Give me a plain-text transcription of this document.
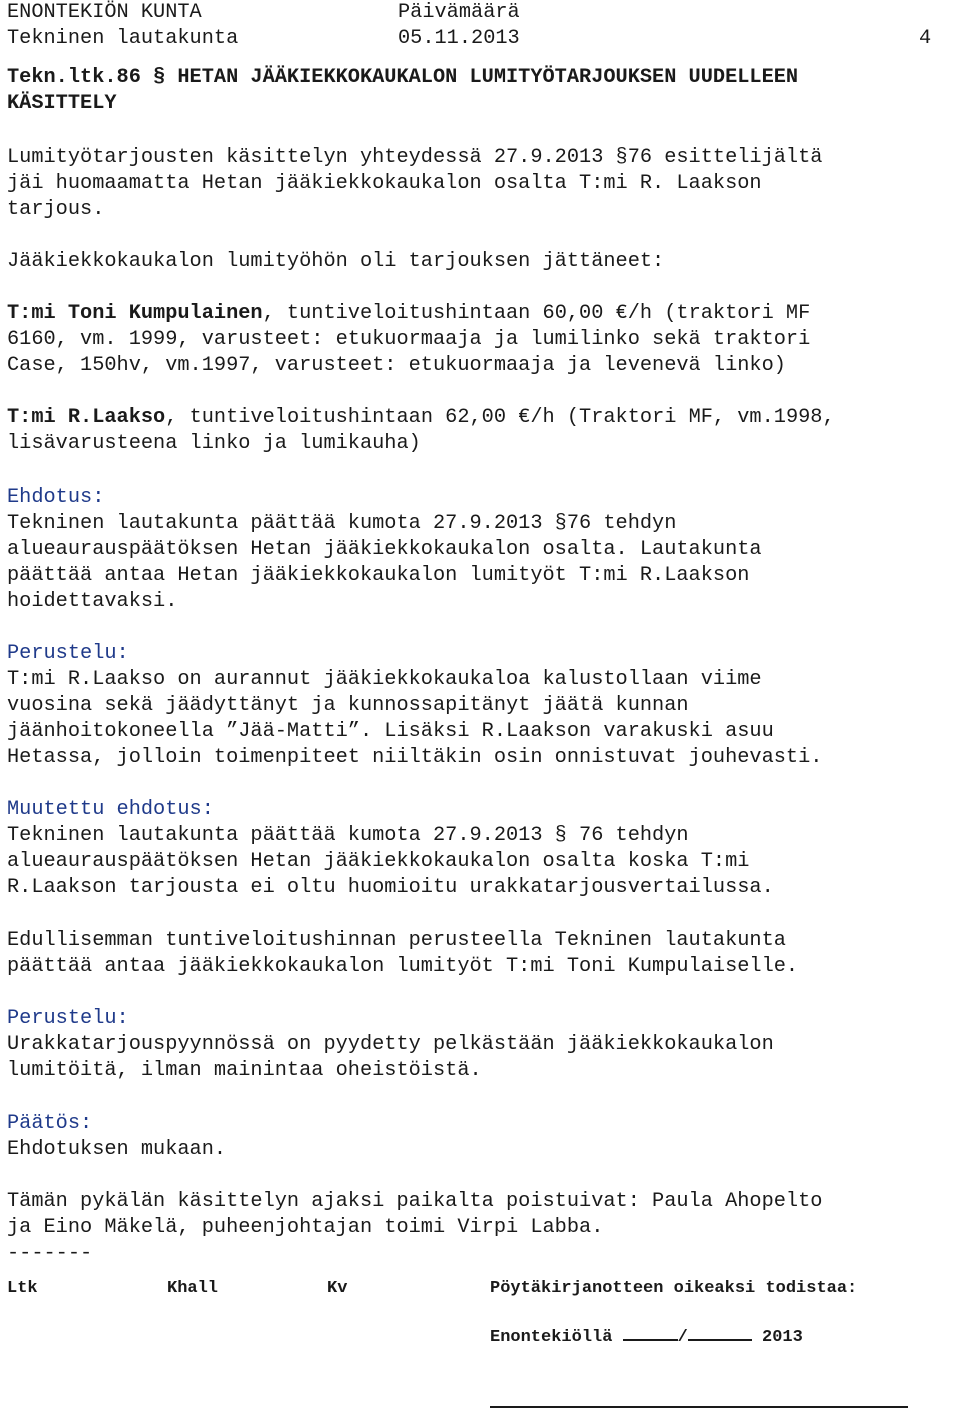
ENONTEKIÖN KUNTA	Päivämäärä
Tekninen lautakunta	05.11.2013	4
Tekn.ltk.86 § HETAN JÄÄKIEKKOKAUKALON LUMITYÖTARJOUKSEN UUDELLEEN
KÄSITTELY
Lumityötarjousten käsittelyn yhteydessä 27.9.2013 §76 esittelijältä
jäi huomaamatta Hetan jääkiekkokaukalon osalta T:mi R. Laakson
tarjous.
Jääkiekkokaukalon lumityöhön oli tarjouksen jättäneet:
T:mi Toni Kumpulainen, tuntiveloitushintaan 60,00 €/h (traktori MF
6160, vm. 1999, varusteet: etukuormaaja ja lumilinko sekä traktori
Case, 150hv, vm.1997, varusteet: etukuormaaja ja levenevä linko)
T:mi R.Laakso, tuntiveloitushintaan 62,00 €/h (Traktori MF, vm.1998,
lisävarusteena linko ja lumikauha)
Ehdotus:
Tekninen lautakunta päättää kumota 27.9.2013 §76 tehdyn
alueaurauspäätöksen Hetan jääkiekkokaukalon osalta. Lautakunta
päättää antaa Hetan jääkiekkokaukalon lumityöt T:mi R.Laakson
hoidettavaksi.
Perustelu:
T:mi R.Laakso on aurannut jääkiekkokaukaloa kalustollaan viime
vuosina sekä jäädyttänyt ja kunnossapitänyt jäätä kunnan
jäänhoitokoneella ”Jää-Matti”. Lisäksi R.Laakson varakuski asuu
Hetassa, jolloin toimenpiteet niiltäkin osin onnistuvat jouhevasti.
Muutettu ehdotus:
Tekninen lautakunta päättää kumota 27.9.2013 § 76 tehdyn
alueaurauspäätöksen Hetan jääkiekkokaukalon osalta koska T:mi
R.Laakson tarjousta ei oltu huomioitu urakkatarjousvertailussa.
Edullisemman tuntiveloitushinnan perusteella Tekninen lautakunta
päättää antaa jääkiekkokaukalon lumityöt T:mi Toni Kumpulaiselle.
Perustelu:
Urakkatarjouspyynnössä on pyydetty pelkästään jääkiekkokaukalon
lumitöitä, ilman mainintaa oheistöistä.
Päätös:
Ehdotuksen mukaan.
Tämän pykälän käsittelyn ajaksi paikalta poistuivat: Paula Ahopelto
ja Eino Mäkelä, puheenjohtajan toimi Virpi Labba.
-------
Ltk	Khall	Kv	Pöytäkirjanotteen oikeaksi todistaa:
Enontekiöllä	/	2013
